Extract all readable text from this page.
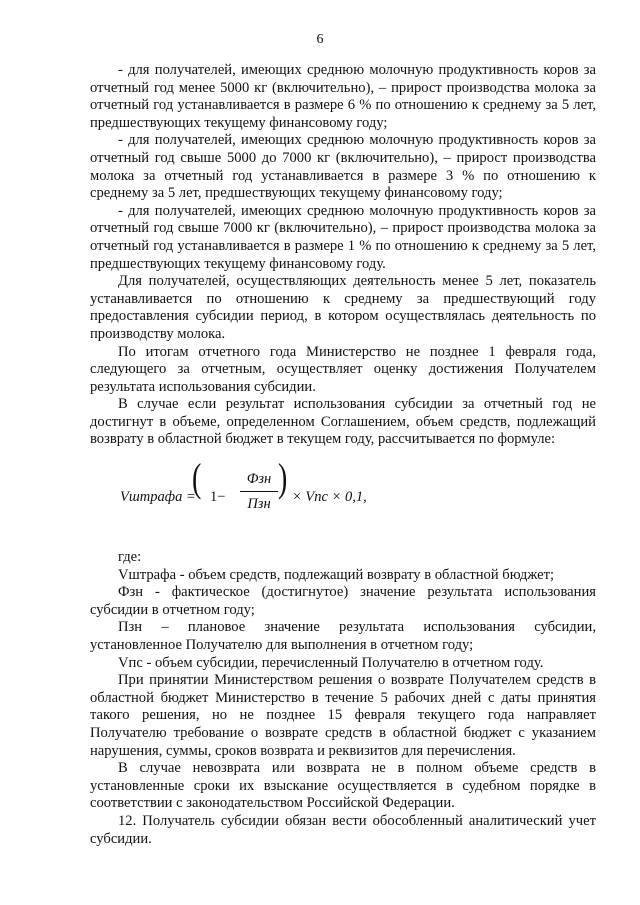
6

- для получателей, имеющих среднюю молочную продуктивность коров за отчетный год менее 5000 кг (включительно), – прирост производства молока за отчетный год устанавливается в размере 6 % по отношению к среднему за 5 лет, предшествующих текущему финансовому году;

- для получателей, имеющих среднюю молочную продуктивность коров за отчетный год свыше 5000 до 7000 кг (включительно), – прирост производства молока за отчетный год устанавливается в размере 3 % по отношению к среднему за 5 лет, предшествующих текущему финансовому году;

- для получателей, имеющих среднюю молочную продуктивность коров за отчетный год свыше 7000 кг (включительно), – прирост производства молока за отчетный год устанавливается в размере 1 % по отношению к среднему за 5 лет, предшествующих текущему финансовому году.

Для получателей, осуществляющих деятельность менее 5 лет, показатель устанавливается по отношению к среднему за предшествующий году предоставления субсидии период, в котором осуществлялась деятельность по производству молока.

По итогам отчетного года Министерство не позднее 1 февраля года, следующего за отчетным, осуществляет оценку достижения Получателем результата использования субсидии.

В случае если результат использования субсидии за отчетный год не достигнут в объеме, определенном Соглашением, объем средств, подлежащий возврату в областной бюджет в текущем году, рассчитывается по формуле:

Vштрафа =
( 1−
Фзн
Пзн
) × Vпс × 0,1,

где:

Vштрафа - объем средств, подлежащий возврату в областной бюджет;

Фзн - фактическое (достигнутое) значение результата использования субсидии в отчетном году;

Пзн – плановое значение результата использования субсидии, установленное Получателю для выполнения в отчетном году;

Vпс - объем субсидии, перечисленный Получателю в отчетном году.

При принятии Министерством решения о возврате Получателем средств в областной бюджет Министерство в течение 5 рабочих дней с даты принятия такого решения, но не позднее 15 февраля текущего года направляет Получателю требование о возврате средств в областной бюджет с указанием нарушения, суммы, сроков возврата и реквизитов для перечисления.

В случае невозврата или возврата не в полном объеме средств в установленные сроки их взыскание осуществляется в судебном порядке в соответствии с законодательством Российской Федерации.

12. Получатель субсидии обязан вести обособленный аналитический учет субсидии.
